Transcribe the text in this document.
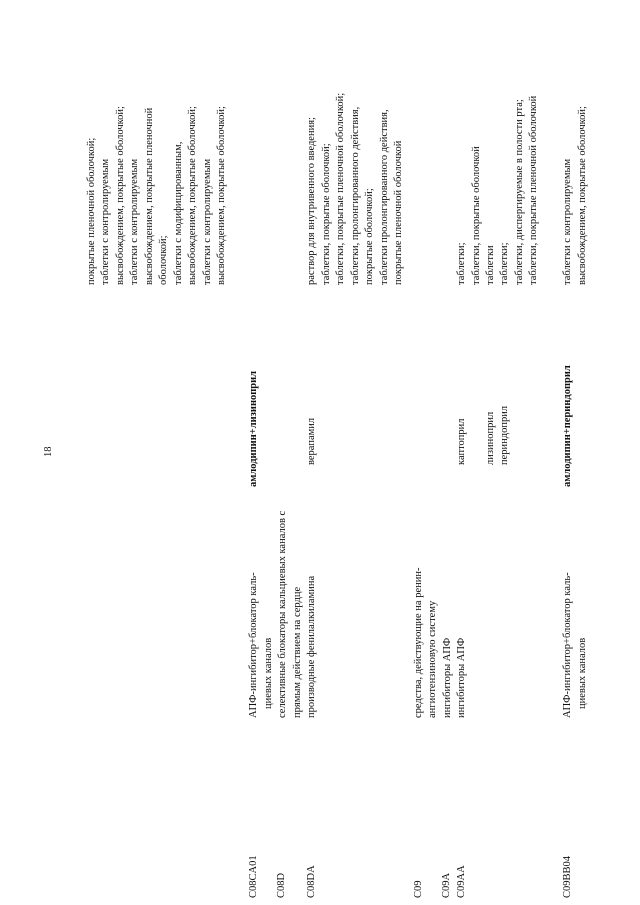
18
C08CA01 C08D C08DA
АПФ-ингибитор+блокатор каль- циевых каналов селективные блокаторы кальциевых каналов с прямым действием на сердце производные фенилалкиламина
амлодипин+лизиноприл	верапамил
покрытые пленочной оболочкой; таблетки с контролируемым высвобождением, покрытые оболочкой; таблетки с контролируемым высвобождением, покрытые пленочной оболочкой; таблетки с модифицированным, высвобождением, покрытые оболочкой; таблетки с контролируемым высвобождением, покрытые оболочкой;	раствор для внутривенного введения; таблетки, покрытые оболочкой; таблетки, покрытые пленочной оболочкой; таблетки, пролонгированного действия, покрытые оболочкой; таблетки пролонгированного действия, покрытые пленочной оболочкой
C09 C09A C09AA
средства, действующие на ренин- ангиотензиновую систему ингибиторы АПФ ингибиторы АПФ
каптоприл лизиноприл периндоприл
таблетки; таблетки, покрытые оболочкой таблетки таблетки; таблетки, диспергируемые в полости рта; таблетки, покрытые пленочной оболочкой
C09BB04
АПФ-ингибитор+блокатор каль- циевых каналов
амлодипин+периндоприл
таблетки с контролируемым высвобождением, покрытые оболочкой;
